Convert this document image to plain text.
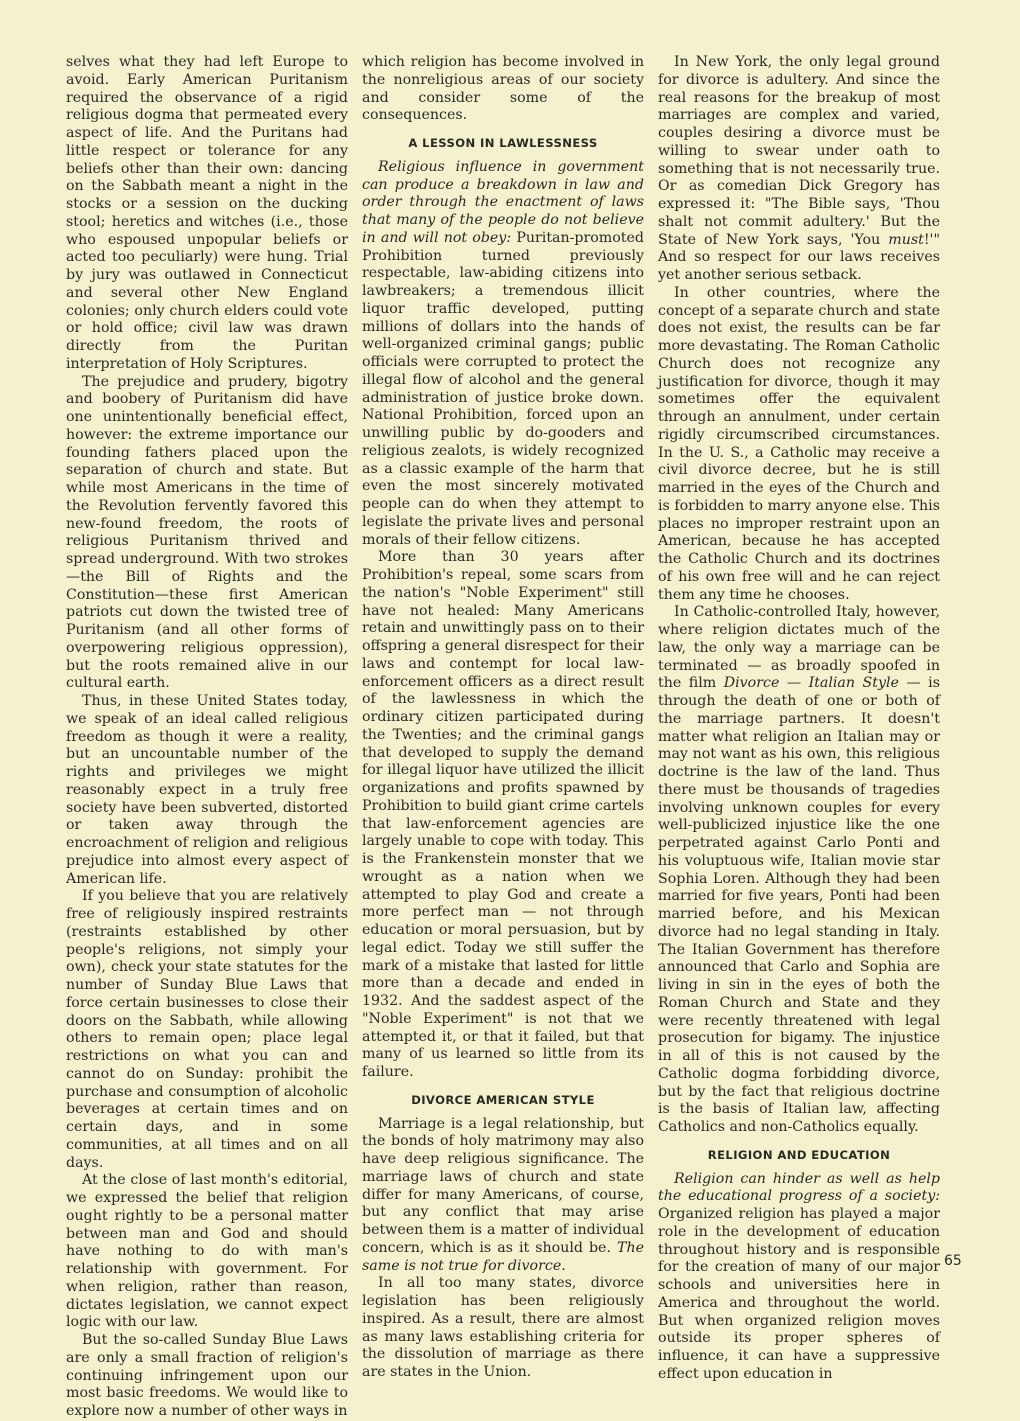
selves what they had left Europe to avoid. Early American Puritanism required the observance of a rigid religious dogma that permeated every aspect of life. And the Puritans had little respect or tolerance for any beliefs other than their own: dancing on the Sabbath meant a night in the stocks or a session on the ducking stool; heretics and witches (i.e., those who espoused unpopular beliefs or acted too peculiarly) were hung. Trial by jury was outlawed in Connecticut and several other New England colonies; only church elders could vote or hold office; civil law was drawn directly from the Puritan interpretation of Holy Scriptures.

The prejudice and prudery, bigotry and boobery of Puritanism did have one unintentionally beneficial effect, however: the extreme importance our founding fathers placed upon the separation of church and state. But while most Americans in the time of the Revolution fervently favored this new-found freedom, the roots of religious Puritanism thrived and spread underground. With two strokes—the Bill of Rights and the Constitution—these first American patriots cut down the twisted tree of Puritanism (and all other forms of overpowering religious oppression), but the roots remained alive in our cultural earth.

Thus, in these United States today, we speak of an ideal called religious freedom as though it were a reality, but an uncountable number of the rights and privileges we might reasonably expect in a truly free society have been subverted, distorted or taken away through the encroachment of religion and religious prejudice into almost every aspect of American life.

If you believe that you are relatively free of religiously inspired restraints (restraints established by other people's religions, not simply your own), check your state statutes for the number of Sunday Blue Laws that force certain businesses to close their doors on the Sabbath, while allowing others to remain open; place legal restrictions on what you can and cannot do on Sunday: prohibit the purchase and consumption of alcoholic beverages at certain times and on certain days, and in some communities, at all times and on all days.

At the close of last month's editorial, we expressed the belief that religion ought rightly to be a personal matter between man and God and should have nothing to do with man's relationship with government. For when religion, rather than reason, dictates legislation, we cannot expect logic with our law.

But the so-called Sunday Blue Laws are only a small fraction of religion's continuing infringement upon our most basic freedoms. We would like to explore now a number of other ways in

which religion has become involved in the nonreligious areas of our society and consider some of the consequences.

A LESSON IN LAWLESSNESS

Religious influence in government can produce a breakdown in law and order through the enactment of laws that many of the people do not believe in and will not obey: Puritan-promoted Prohibition turned previously respectable, law-abiding citizens into lawbreakers; a tremendous illicit liquor traffic developed, putting millions of dollars into the hands of well-organized criminal gangs; public officials were corrupted to protect the illegal flow of alcohol and the general administration of justice broke down. National Prohibition, forced upon an unwilling public by do-gooders and religious zealots, is widely recognized as a classic example of the harm that even the most sincerely motivated people can do when they attempt to legislate the private lives and personal morals of their fellow citizens.

More than 30 years after Prohibition's repeal, some scars from the nation's "Noble Experiment" still have not healed: Many Americans retain and unwittingly pass on to their offspring a general disrespect for their laws and contempt for local law-enforcement officers as a direct result of the lawlessness in which the ordinary citizen participated during the Twenties; and the criminal gangs that developed to supply the demand for illegal liquor have utilized the illicit organizations and profits spawned by Prohibition to build giant crime cartels that law-enforcement agencies are largely unable to cope with today. This is the Frankenstein monster that we wrought as a nation when we attempted to play God and create a more perfect man — not through education or moral persuasion, but by legal edict. Today we still suffer the mark of a mistake that lasted for little more than a decade and ended in 1932. And the saddest aspect of the "Noble Experiment" is not that we attempted it, or that it failed, but that many of us learned so little from its failure.

DIVORCE AMERICAN STYLE

Marriage is a legal relationship, but the bonds of holy matrimony may also have deep religious significance. The marriage laws of church and state differ for many Americans, of course, but any conflict that may arise between them is a matter of individual concern, which is as it should be. The same is not true for divorce.

In all too many states, divorce legislation has been religiously inspired. As a result, there are almost as many laws establishing criteria for the dissolution of marriage as there are states in the Union.

In New York, the only legal ground for divorce is adultery. And since the real reasons for the breakup of most marriages are complex and varied, couples desiring a divorce must be willing to swear under oath to something that is not necessarily true. Or as comedian Dick Gregory has expressed it: "The Bible says, 'Thou shalt not commit adultery.' But the State of New York says, 'You must!'" And so respect for our laws receives yet another serious setback.

In other countries, where the concept of a separate church and state does not exist, the results can be far more devastating. The Roman Catholic Church does not recognize any justification for divorce, though it may sometimes offer the equivalent through an annulment, under certain rigidly circumscribed circumstances. In the U. S., a Catholic may receive a civil divorce decree, but he is still married in the eyes of the Church and is forbidden to marry anyone else. This places no improper restraint upon an American, because he has accepted the Catholic Church and its doctrines of his own free will and he can reject them any time he chooses.

In Catholic-controlled Italy, however, where religion dictates much of the law, the only way a marriage can be terminated — as broadly spoofed in the film Divorce — Italian Style — is through the death of one or both of the marriage partners. It doesn't matter what religion an Italian may or may not want as his own, this religious doctrine is the law of the land. Thus there must be thousands of tragedies involving unknown couples for every well-publicized injustice like the one perpetrated against Carlo Ponti and his voluptuous wife, Italian movie star Sophia Loren. Although they had been married for five years, Ponti had been married before, and his Mexican divorce had no legal standing in Italy. The Italian Government has therefore announced that Carlo and Sophia are living in sin in the eyes of both the Roman Church and State and they were recently threatened with legal prosecution for bigamy. The injustice in all of this is not caused by the Catholic dogma forbidding divorce, but by the fact that religious doctrine is the basis of Italian law, affecting Catholics and non-Catholics equally.

RELIGION AND EDUCATION

Religion can hinder as well as help the educational progress of a society: Organized religion has played a major role in the development of education throughout history and is responsible for the creation of many of our major schools and universities here in America and throughout the world. But when organized religion moves outside its proper spheres of influence, it can have a suppressive effect upon education in

65
